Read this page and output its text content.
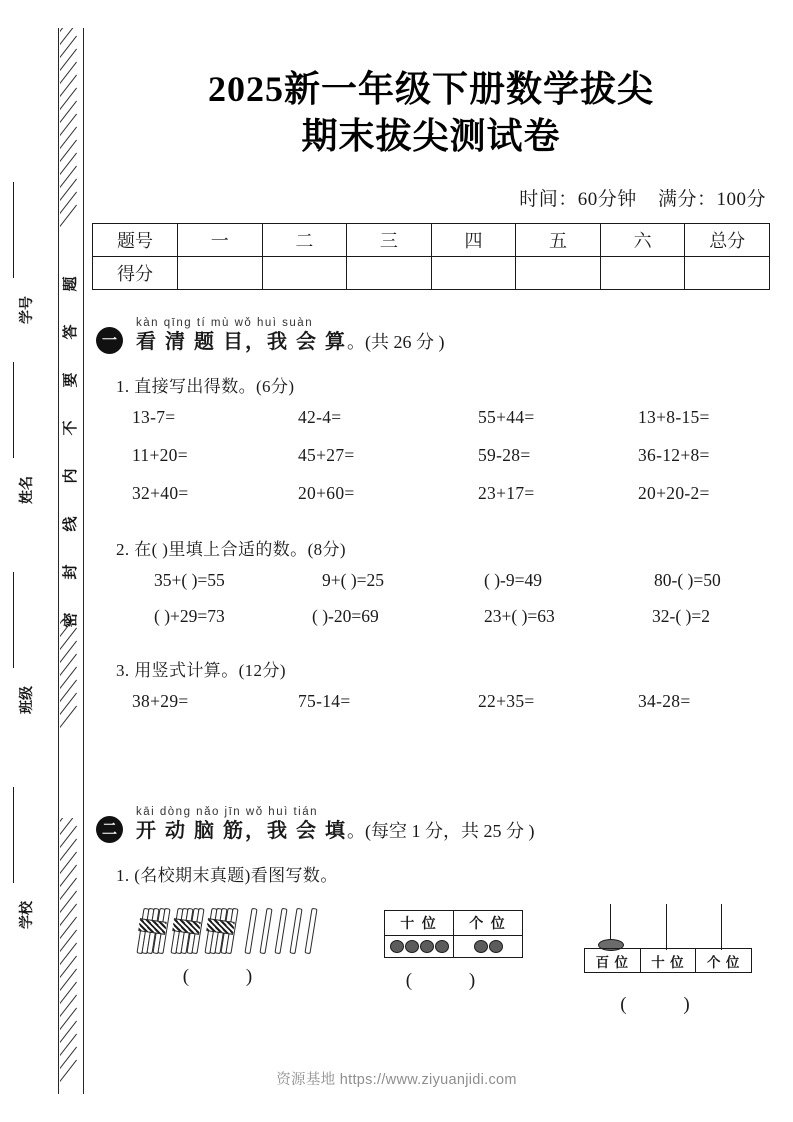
密
封
线
内
不
要
答
题
学号
姓名
班级
学校
2025新一年级下册数学拔尖
期末拔尖测试卷
时间：60分钟 满分：100分
题号	一	二	三	四	五	六	总分
得分							
一
kàn qīng tí mù wǒ huì suàn
看 清 题 目，我 会 算。(共 26 分 )
1. 直接写出得数。(6分)
13-7=	42-4=	55+44=	13+8-15=
11+20=	45+27=	59-28=	36-12+8=
32+40=	20+60=	23+17=	20+20-2=
2. 在( )里填上合适的数。(8分)
35+( )=55	9+( )=25	( )-9=49	80-( )=50
( )+29=73	( )-20=69	23+( )=63	32-( )=2
3. 用竖式计算。(12分)
38+29=	75-14=	22+35=	34-28=
二
kāi dòng nǎo jīn wǒ huì tián
开 动 脑 筋，我 会 填。(每空 1 分，共 25 分 )
1. (名校期末真题)看图写数。
( )
十 位	个 位

( )
百 位	十 位	个 位
( )
资源基地 https://www.ziyuanjidi.com
